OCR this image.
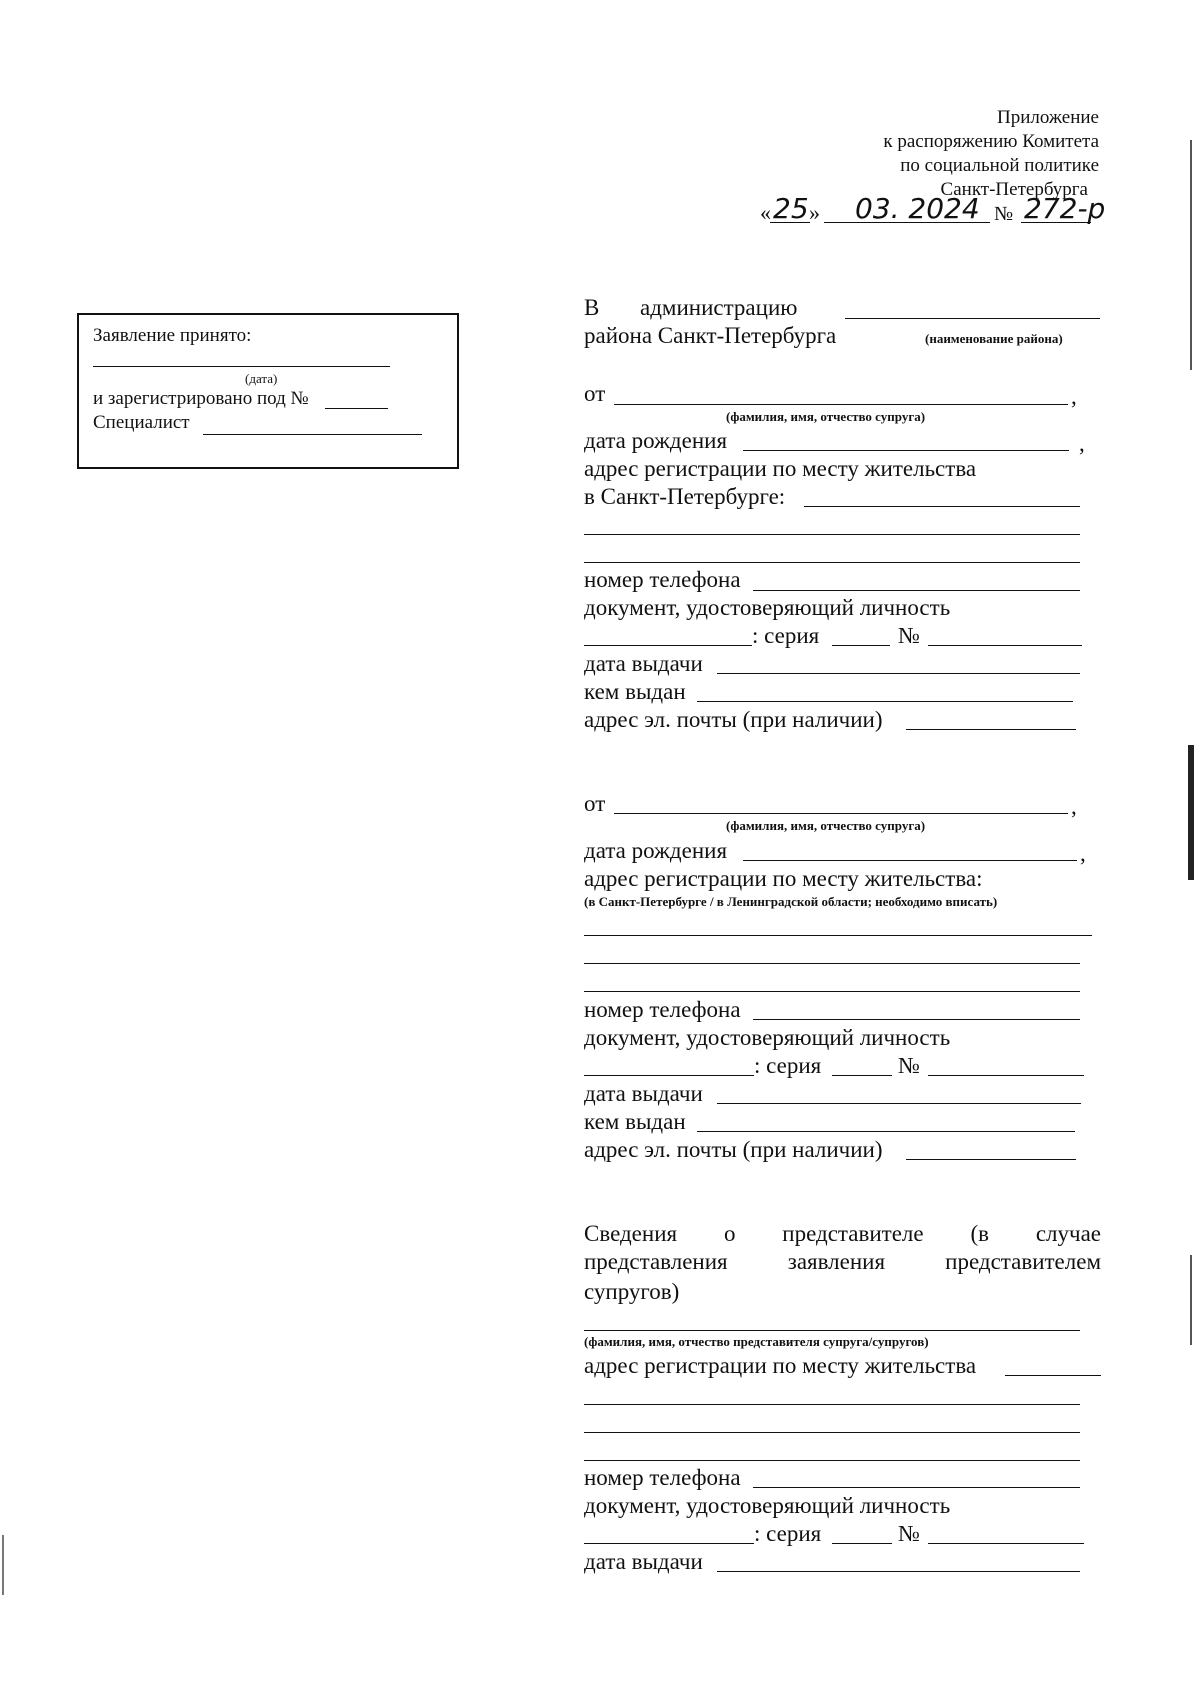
Приложение
к распоряжению Комитета
по социальной политике
Санкт-Петербурга
« 25 » 03. 2024 № 272-р
Заявление принято:
(дата)
и зарегистрировано под №
Специалист
В администрацию
района Санкт-Петербурга	(наименование района)
от	,
(фамилия, имя, отчество супруга)
дата рождения	,
адрес регистрации по месту жительства
в Санкт-Петербурге:
номер телефона
документ, удостоверяющий личность
: серия	№
дата выдачи
кем выдан
адрес эл. почты (при наличии)
от	,
(фамилия, имя, отчество супруга)
дата рождения	,
адрес регистрации по месту жительства:
(в Санкт-Петербурге / в Ленинградской области; необходимо вписать)
номер телефона
документ, удостоверяющий личность
: серия	№
дата выдачи
кем выдан
адрес эл. почты (при наличии)
Сведения о представителе (в случае
представления заявления представителем
супругов)
(фамилия, имя, отчество представителя супруга/супругов)
адрес регистрации по месту жительства
номер телефона
документ, удостоверяющий личность
: серия	№
дата выдачи
